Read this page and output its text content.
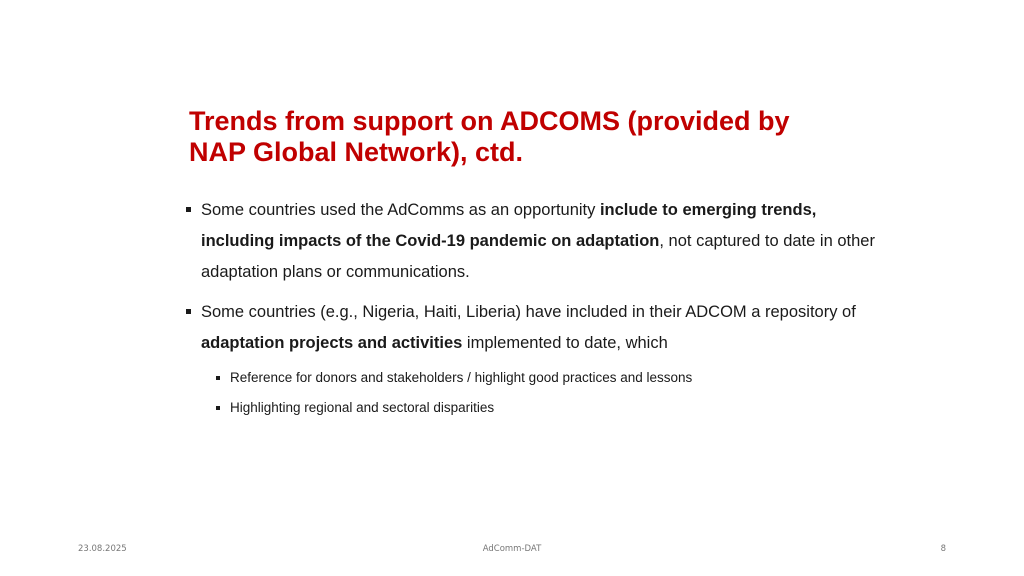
Trends from support on ADCOMS (provided by
NAP Global Network), ctd.
Some countries used the AdComms as an opportunity include to emerging trends, including impacts of the Covid-19 pandemic on adaptation, not captured to date in other adaptation plans or communications.
Some countries (e.g., Nigeria, Haiti, Liberia) have included in their ADCOM a repository of adaptation projects and activities implemented to date, which
Reference for donors and stakeholders / highlight good practices and lessons
Highlighting regional and sectoral disparities
23.08.2025	AdComm-DAT	8
